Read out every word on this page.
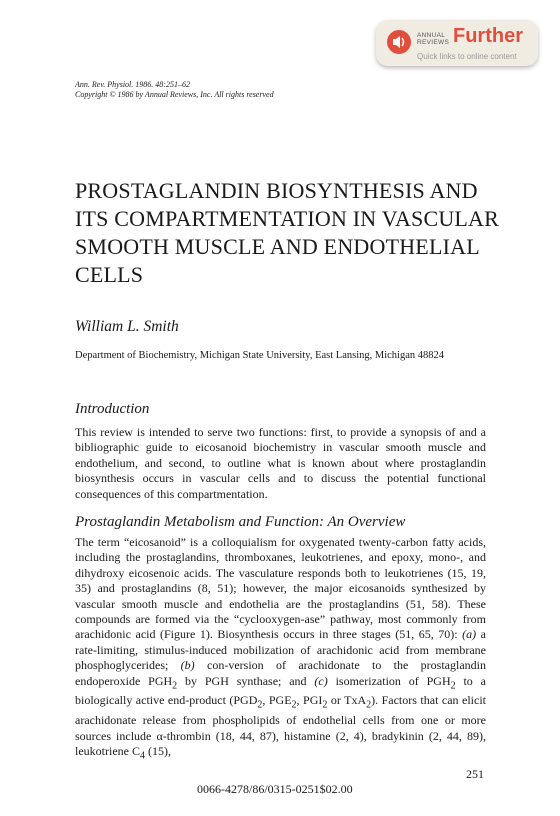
ANNUAL
REVIEWS Further
Quick links to online content
Ann. Rev. Physiol. 1986. 48:251–62
Copyright © 1986 by Annual Reviews, Inc. All rights reserved
PROSTAGLANDIN BIOSYNTHESIS AND ITS COMPARTMENTATION IN VASCULAR SMOOTH MUSCLE AND ENDOTHELIAL CELLS
William L. Smith
Department of Biochemistry, Michigan State University, East Lansing, Michigan 48824
Introduction
This review is intended to serve two functions: first, to provide a synopsis of and a bibliographic guide to eicosanoid biochemistry in vascular smooth muscle and endothelium, and second, to outline what is known about where prostaglandin biosynthesis occurs in vascular cells and to discuss the potential functional consequences of this compartmentation.
Prostaglandin Metabolism and Function: An Overview
The term “eicosanoid” is a colloquialism for oxygenated twenty-carbon fatty acids, including the prostaglandins, thromboxanes, leukotrienes, and epoxy, mono-, and dihydroxy eicosenoic acids. The vasculature responds both to leukotrienes (15, 19, 35) and prostaglandins (8, 51); however, the major eicosanoids synthesized by vascular smooth muscle and endothelia are the prostaglandins (51, 58). These compounds are formed via the “cyclooxygen-ase” pathway, most commonly from arachidonic acid (Figure 1). Biosynthesis occurs in three stages (51, 65, 70): (a) a rate-limiting, stimulus-induced mobilization of arachidonic acid from membrane phosphoglycerides; (b) con-version of arachidonate to the prostaglandin endoperoxide $PGH_2$ by PGH synthase; and (c) isomerization of $PGH_2$ to a biologically active end-product ($PGD_2$, $PGE_2$, $PGI_2$ or TxA$_2$). Factors that can elicit arachidonate release from phospholipids of endothelial cells from one or more sources include α-thrombin (18, 44, 87), histamine (2, 4), bradykinin (2, 44, 89), leukotriene $C_4$ (15),
251
0066-4278/86/0315-0251$02.00
